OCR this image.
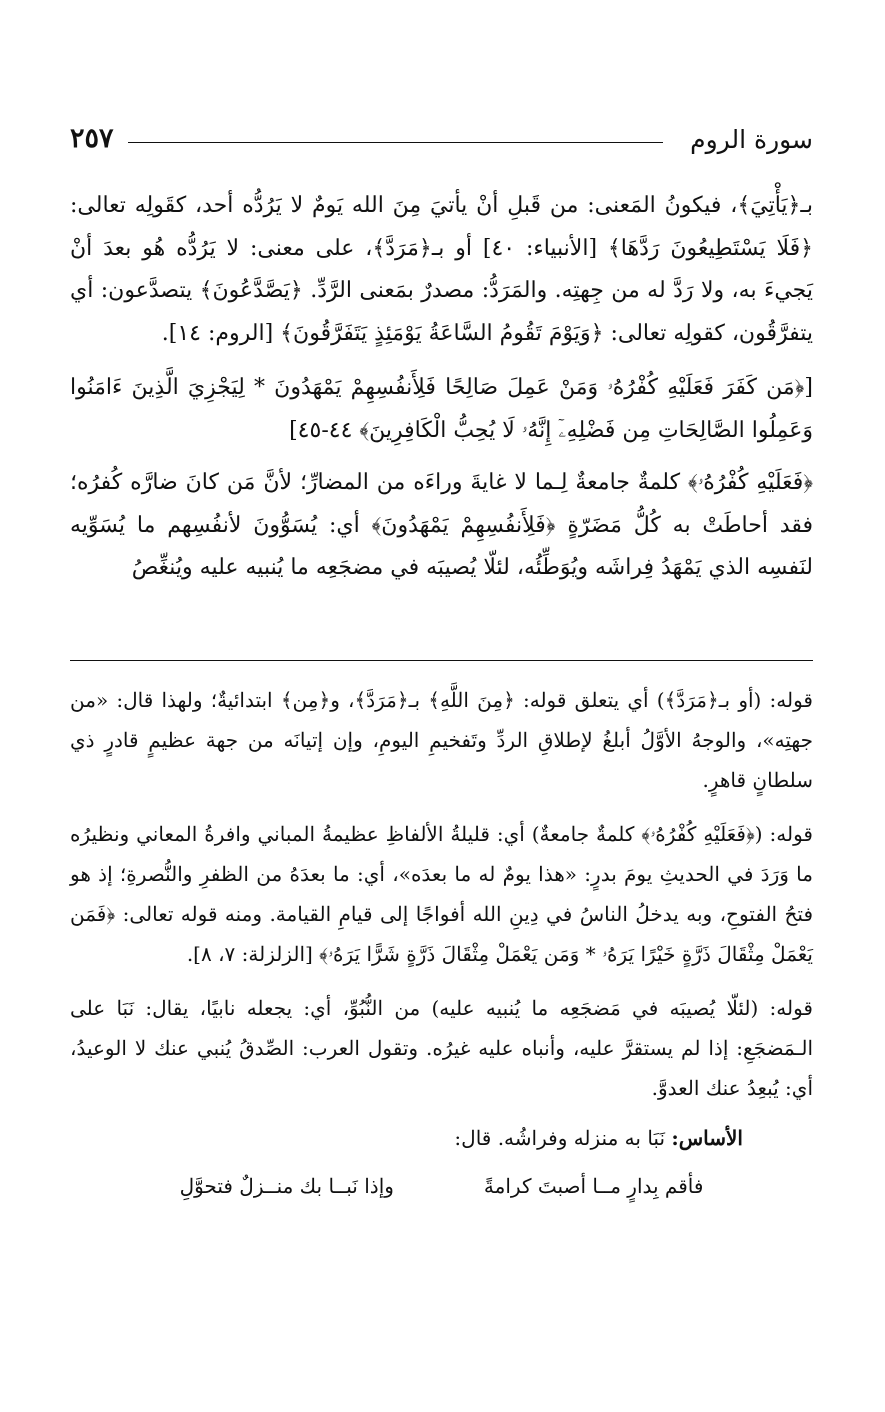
سورة الروم
٢٥٧

بـ﴿يَأْتِيَ﴾، فيكونُ المَعنى: من قَبلِ أنْ يأتيَ مِنَ الله يَومٌ لا يَرُدُّه أحد، كقَولِه تعالى: ﴿فَلَا يَسْتَطِيعُونَ رَدَّهَا﴾ [الأنبياء: ٤٠] أو بـ﴿مَرَدَّ﴾، على معنى: لا يَرُدُّه هُو بعدَ أنْ يَجيءَ به، ولا رَدَّ له من جِهتِه. والمَرَدُّ: مصدرٌ بمَعنى الرَّدِّ. ﴿يَصَّدَّعُونَ﴾ يتصدَّعون: أي يتفرَّقُون، كقولِه تعالى: ﴿وَيَوْمَ تَقُومُ السَّاعَةُ يَوْمَئِذٍ يَتَفَرَّقُونَ﴾ [الروم: ١٤].

[﴿مَن كَفَرَ فَعَلَيْهِ كُفْرُهُۥ وَمَنْ عَمِلَ صَالِحًا فَلِأَنفُسِهِمْ يَمْهَدُونَ * لِيَجْزِيَ الَّذِينَ ءَامَنُوا وَعَمِلُوا الصَّالِحَاتِ مِن فَضْلِهِۦٓ إِنَّهُۥ لَا يُحِبُّ الْكَافِرِينَ﴾ ٤٤-٤٥]

﴿فَعَلَيْهِ كُفْرُهُۥ﴾ كلمةٌ جامعةٌ لِـما لا غايةَ وراءَه من المضارِّ؛ لأنَّ مَن كانَ ضارَّه كُفرُه؛ فقد أحاطَتْ به كُلُّ مَضَرّةٍ ﴿فَلِأَنفُسِهِمْ يَمْهَدُونَ﴾ أي: يُسَوُّونَ لأنفُسِهم ما يُسَوِّيه لنَفسِه الذي يَمْهَدُ فِراشَه ويُوَطِّئُه، لئلّا يُصيبَه في مضجَعِه ما يُنبيه عليه ويُنغِّصُ

قوله: (أو بـ﴿مَرَدَّ﴾) أي يتعلق قوله: ﴿مِنَ اللَّهِ﴾ بـ﴿مَرَدَّ﴾، و﴿مِن﴾ ابتدائيةٌ؛ ولهذا قال: «من جهتِه»، والوجهُ الأوَّلُ أبلغُ لإطلاقِ الردِّ وتَفخيمِ اليومِ، وإن إتيانَه من جهة عظيمٍ قادرٍ ذي سلطانٍ قاهرٍ.

قوله: (﴿فَعَلَيْهِ كُفْرُهُۥ﴾ كلمةٌ جامعةٌ) أي: قليلةُ الألفاظِ عظيمةُ المباني وافرةُ المعاني ونظيرُه ما وَرَدَ في الحديثِ يومَ بدرٍ: «هذا يومٌ له ما بعدَه»، أي: ما بعدَهُ من الظفرِ والنُّصرةِ؛ إذ هو فتحُ الفتوحِ، وبه يدخلُ الناسُ في دِينِ الله أفواجًا إلى قيامِ القيامة. ومنه قوله تعالى: ﴿فَمَن يَعْمَلْ مِثْقَالَ ذَرَّةٍ خَيْرًا يَرَهُۥ * وَمَن يَعْمَلْ مِثْقَالَ ذَرَّةٍ شَرًّا يَرَهُۥ﴾ [الزلزلة: ٧، ٨].

قوله: (لئلّا يُصيبَه في مَضجَعِه ما يُنبيه عليه) من النُّبُوِّ، أي: يجعله نابيًا، يقال: نَبَا على الـمَضجَعِ: إذا لم يستقرَّ عليه، وأنباه عليه غيرُه. وتقول العرب: الصِّدقُ يُنبي عنك لا الوعيدُ، أي: يُبعِدُ عنك العدوَّ.

الأساس: نَبَا به منزله وفراشُه. قال:

فأقم بِدارٍ مــا أصبتَ كرامةً
وإذا نَبــا بك منــزلٌ فتحوَّلِ
